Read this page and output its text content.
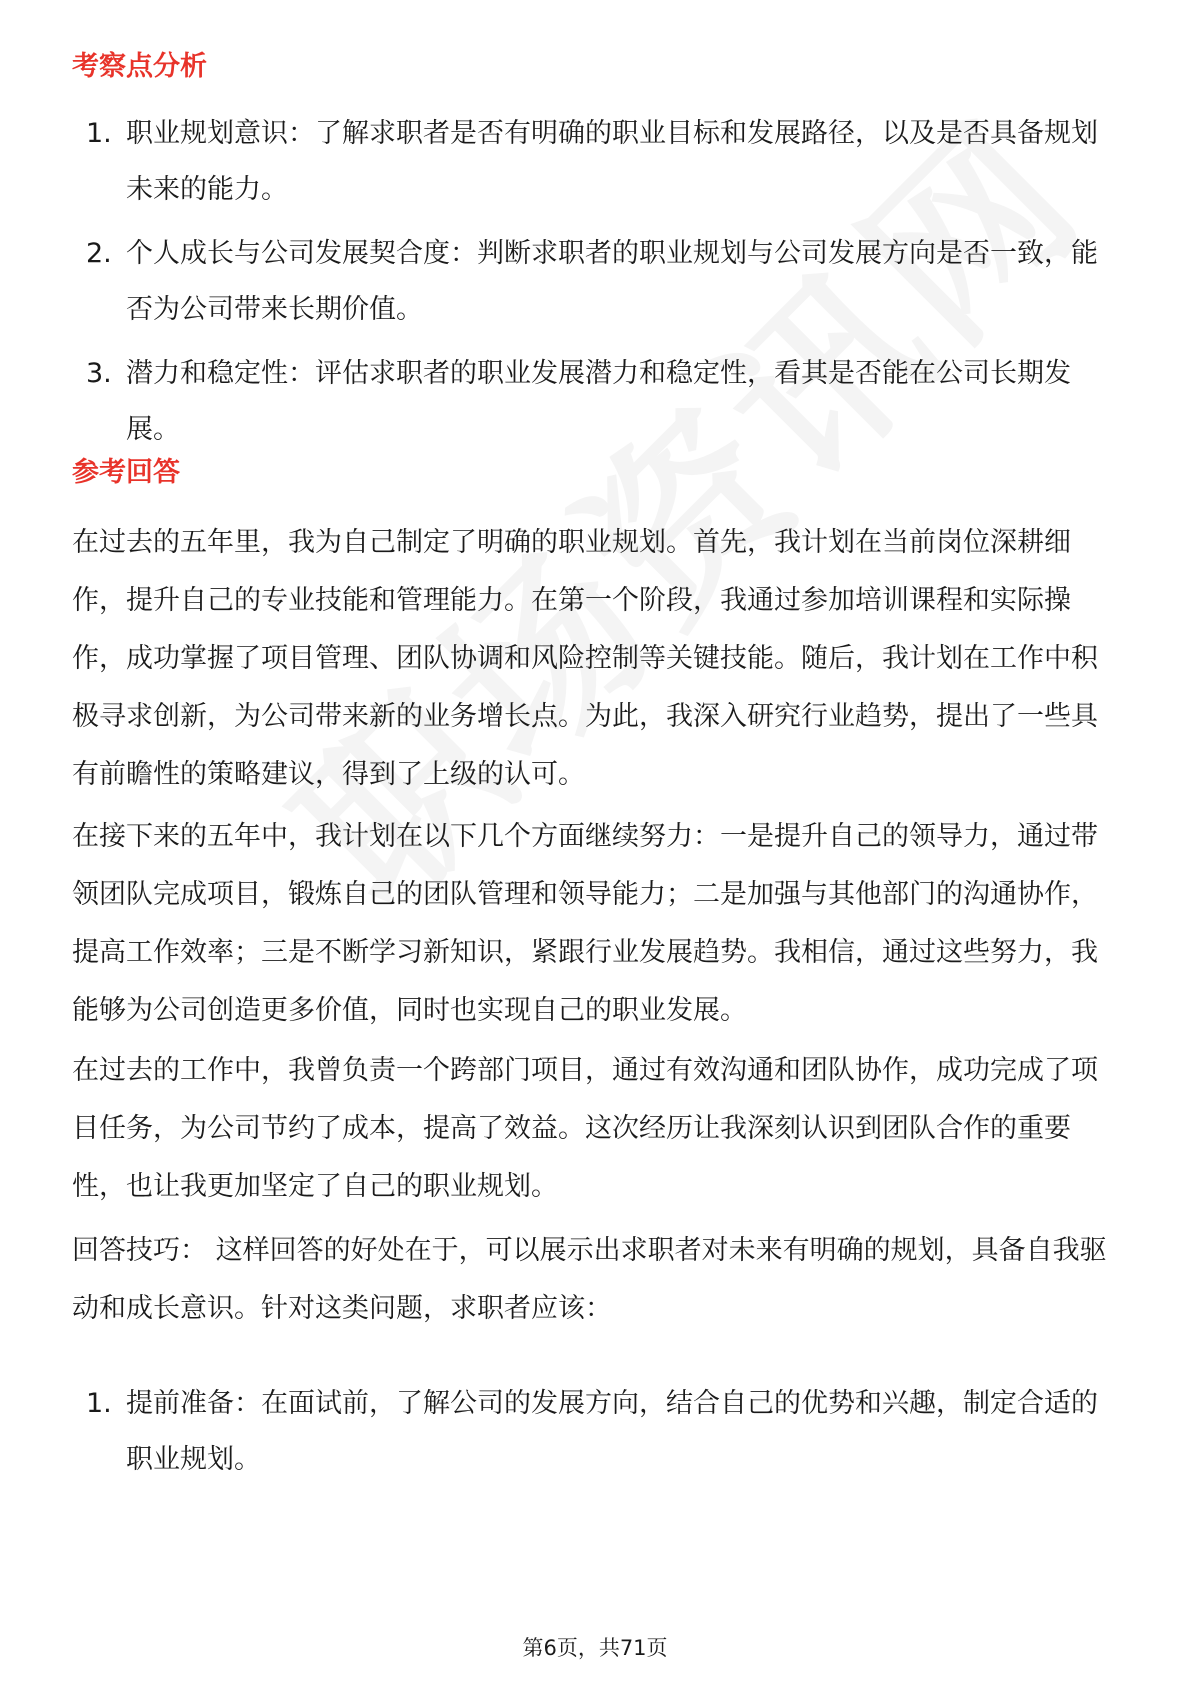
考察点分析
1. 职业规划意识：了解求职者是否有明确的职业目标和发展路径，以及是否具备规划未来的能力。
2. 个人成长与公司发展契合度：判断求职者的职业规划与公司发展方向是否一致，能否为公司带来长期价值。
3. 潜力和稳定性：评估求职者的职业发展潜力和稳定性，看其是否能在公司长期发展。
参考回答

在过去的五年里，我为自己制定了明确的职业规划。首先，我计划在当前岗位深耕细作，提升自己的专业技能和管理能力。在第一个阶段，我通过参加培训课程和实际操作，成功掌握了项目管理、团队协调和风险控制等关键技能。随后，我计划在工作中积极寻求创新，为公司带来新的业务增长点。为此，我深入研究行业趋势，提出了一些具有前瞻性的策略建议，得到了上级的认可。

在接下来的五年中，我计划在以下几个方面继续努力：一是提升自己的领导力，通过带领团队完成项目，锻炼自己的团队管理和领导能力；二是加强与其他部门的沟通协作，提高工作效率；三是不断学习新知识，紧跟行业发展趋势。我相信，通过这些努力，我能够为公司创造更多价值，同时也实现自己的职业发展。

在过去的工作中，我曾负责一个跨部门项目，通过有效沟通和团队协作，成功完成了项目任务，为公司节约了成本，提高了效益。这次经历让我深刻认识到团队合作的重要性，也让我更加坚定了自己的职业规划。

回答技巧： 这样回答的好处在于，可以展示出求职者对未来有明确的规划，具备自我驱动和成长意识。针对这类问题，求职者应该：

1. 提前准备：在面试前，了解公司的发展方向，结合自己的优势和兴趣，制定合适的职业规划。
第6页，共71页
